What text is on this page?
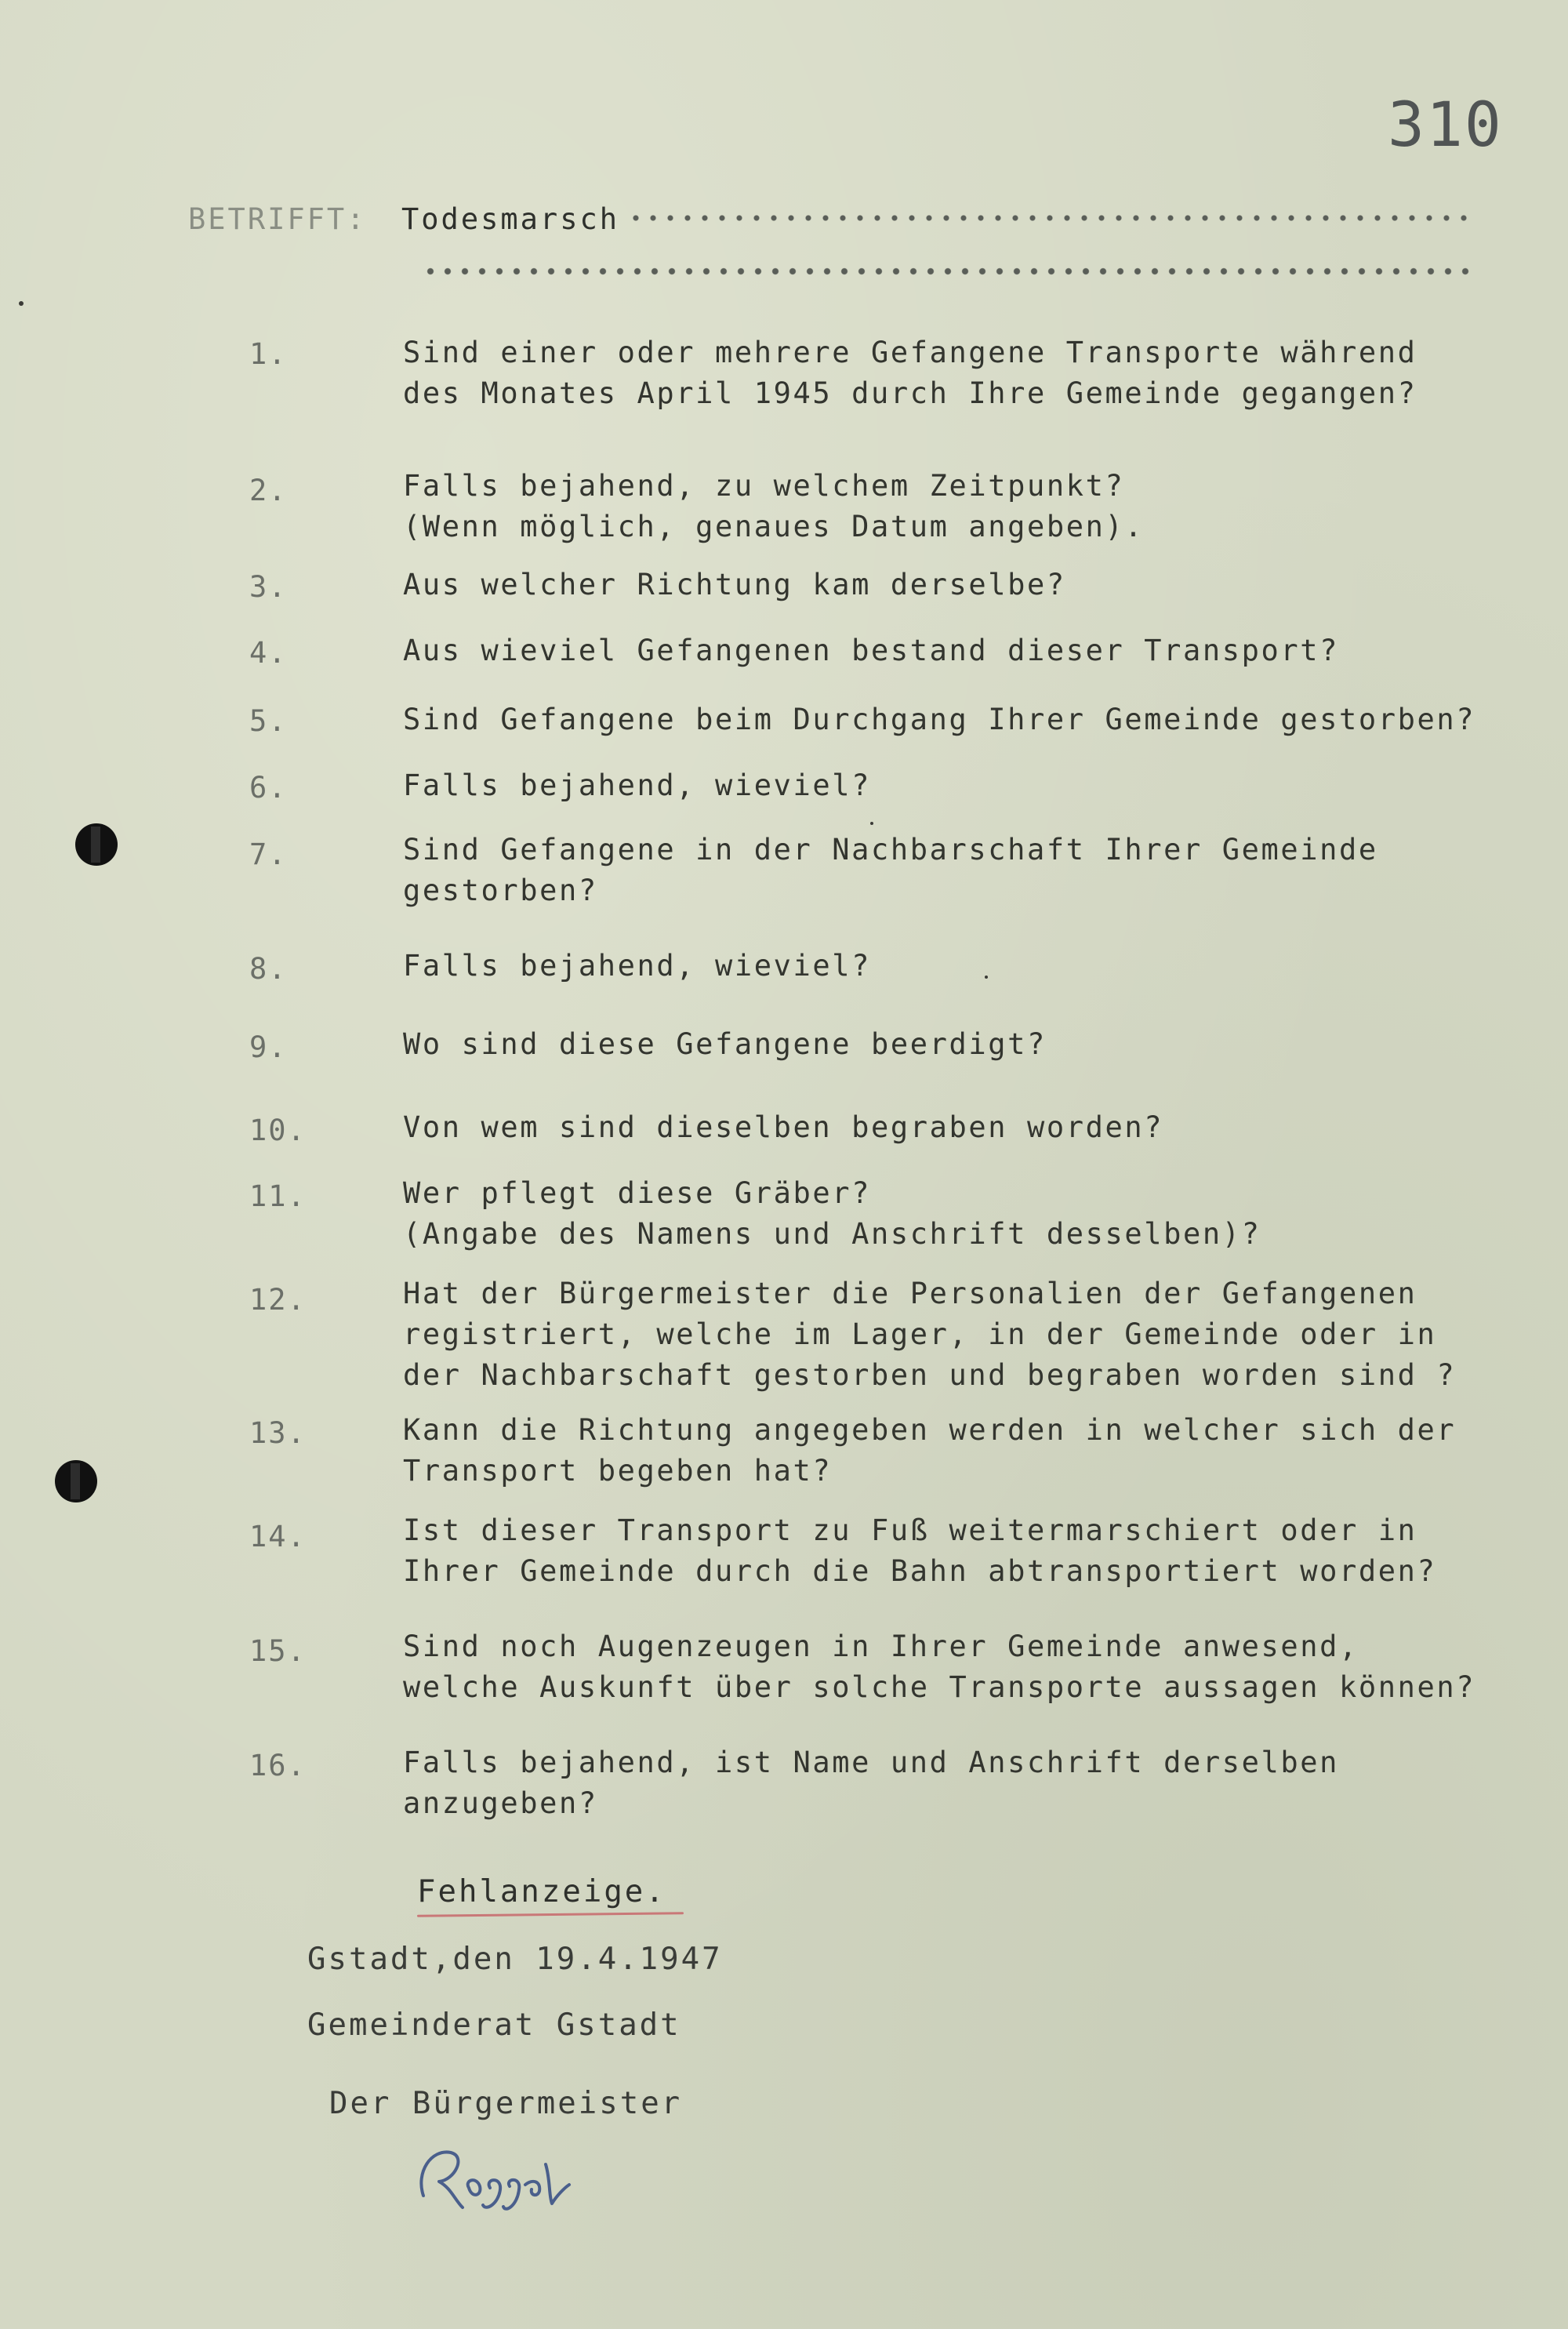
310
BETRIFFT: Todesmarsch
1.	Sind einer oder mehrere Gefangene Transporte während
des Monates April 1945 durch Ihre Gemeinde gegangen?
2.	Falls bejahend, zu welchem Zeitpunkt?
(Wenn möglich, genaues Datum angeben).
3.	Aus welcher Richtung kam derselbe?
4.	Aus wieviel Gefangenen bestand dieser Transport?
5.	Sind Gefangene beim Durchgang Ihrer Gemeinde gestorben?
6.	Falls bejahend, wieviel?
7.	Sind Gefangene in der Nachbarschaft Ihrer Gemeinde
gestorben?
8.	Falls bejahend, wieviel?
9.	Wo sind diese Gefangene beerdigt?
10.	Von wem sind dieselben begraben worden?
11.	Wer pflegt diese Gräber?
(Angabe des Namens und Anschrift desselben)?
12.	Hat der Bürgermeister die Personalien der Gefangenen
registriert, welche im Lager, in der Gemeinde oder in
der Nachbarschaft gestorben und begraben worden sind ?
13.	Kann die Richtung angegeben werden in welcher sich der
Transport begeben hat?
14.	Ist dieser Transport zu Fuß weitermarschiert oder in
Ihrer Gemeinde durch die Bahn abtransportiert worden?
15.	Sind noch Augenzeugen in Ihrer Gemeinde anwesend,
welche Auskunft über solche Transporte aussagen können?
16.	Falls bejahend, ist Name und Anschrift derselben
anzugeben?
Fehlanzeige.
Gstadt,den 19.4.1947
Gemeinderat Gstadt
Der Bürgermeister
